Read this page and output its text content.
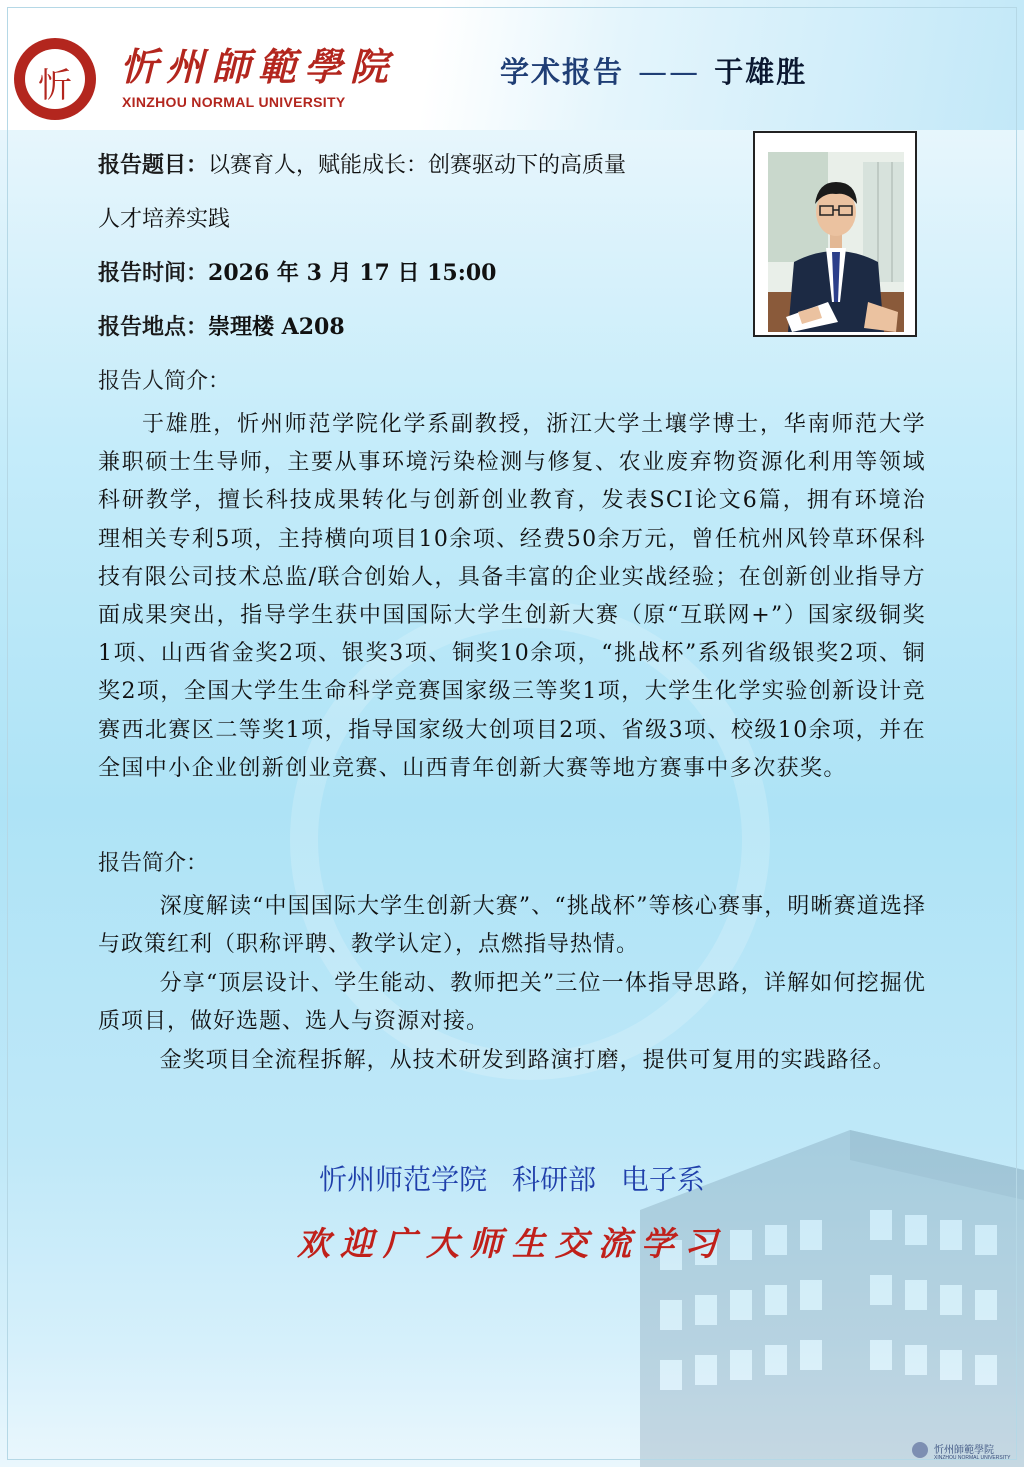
忻	忻州師範學院
XINZHOU NORMAL UNIVERSITY
学术报告 —— 于雄胜
报告题目：以赛育人，赋能成长：创赛驱动下的高质量
人才培养实践
报告时间：2026 年 3 月 17 日 15:00
报告地点：崇理楼 A208
报告人简介：
于雄胜，忻州师范学院化学系副教授，浙江大学土壤学博士，华南师范大学兼职硕士生导师，主要从事环境污染检测与修复、农业废弃物资源化利用等领域科研教学，擅长科技成果转化与创新创业教育，发表SCI论文6篇，拥有环境治理相关专利5项，主持横向项目10余项、经费50余万元，曾任杭州风铃草环保科技有限公司技术总监/联合创始人，具备丰富的企业实战经验；在创新创业指导方面成果突出，指导学生获中国国际大学生创新大赛（原“互联网+”）国家级铜奖1项、山西省金奖2项、银奖3项、铜奖10余项，“挑战杯”系列省级银奖2项、铜奖2项，全国大学生生命科学竞赛国家级三等奖1项，大学生化学实验创新设计竞赛西北赛区二等奖1项，指导国家级大创项目2项、省级3项、校级10余项，并在全国中小企业创新创业竞赛、山西青年创新大赛等地方赛事中多次获奖。
报告简介：
深度解读“中国国际大学生创新大赛”、“挑战杯”等核心赛事，明晰赛道选择与政策红利（职称评聘、教学认定），点燃指导热情。
分享“顶层设计、学生能动、教师把关”三位一体指导思路，详解如何挖掘优质项目，做好选题、选人与资源对接。
金奖项目全流程拆解，从技术研发到路演打磨，提供可复用的实践路径。
忻州师范学院 科研部 电子系
欢迎广大师生交流学习
忻州師範學院
XINZHOU NORMAL UNIVERSITY
